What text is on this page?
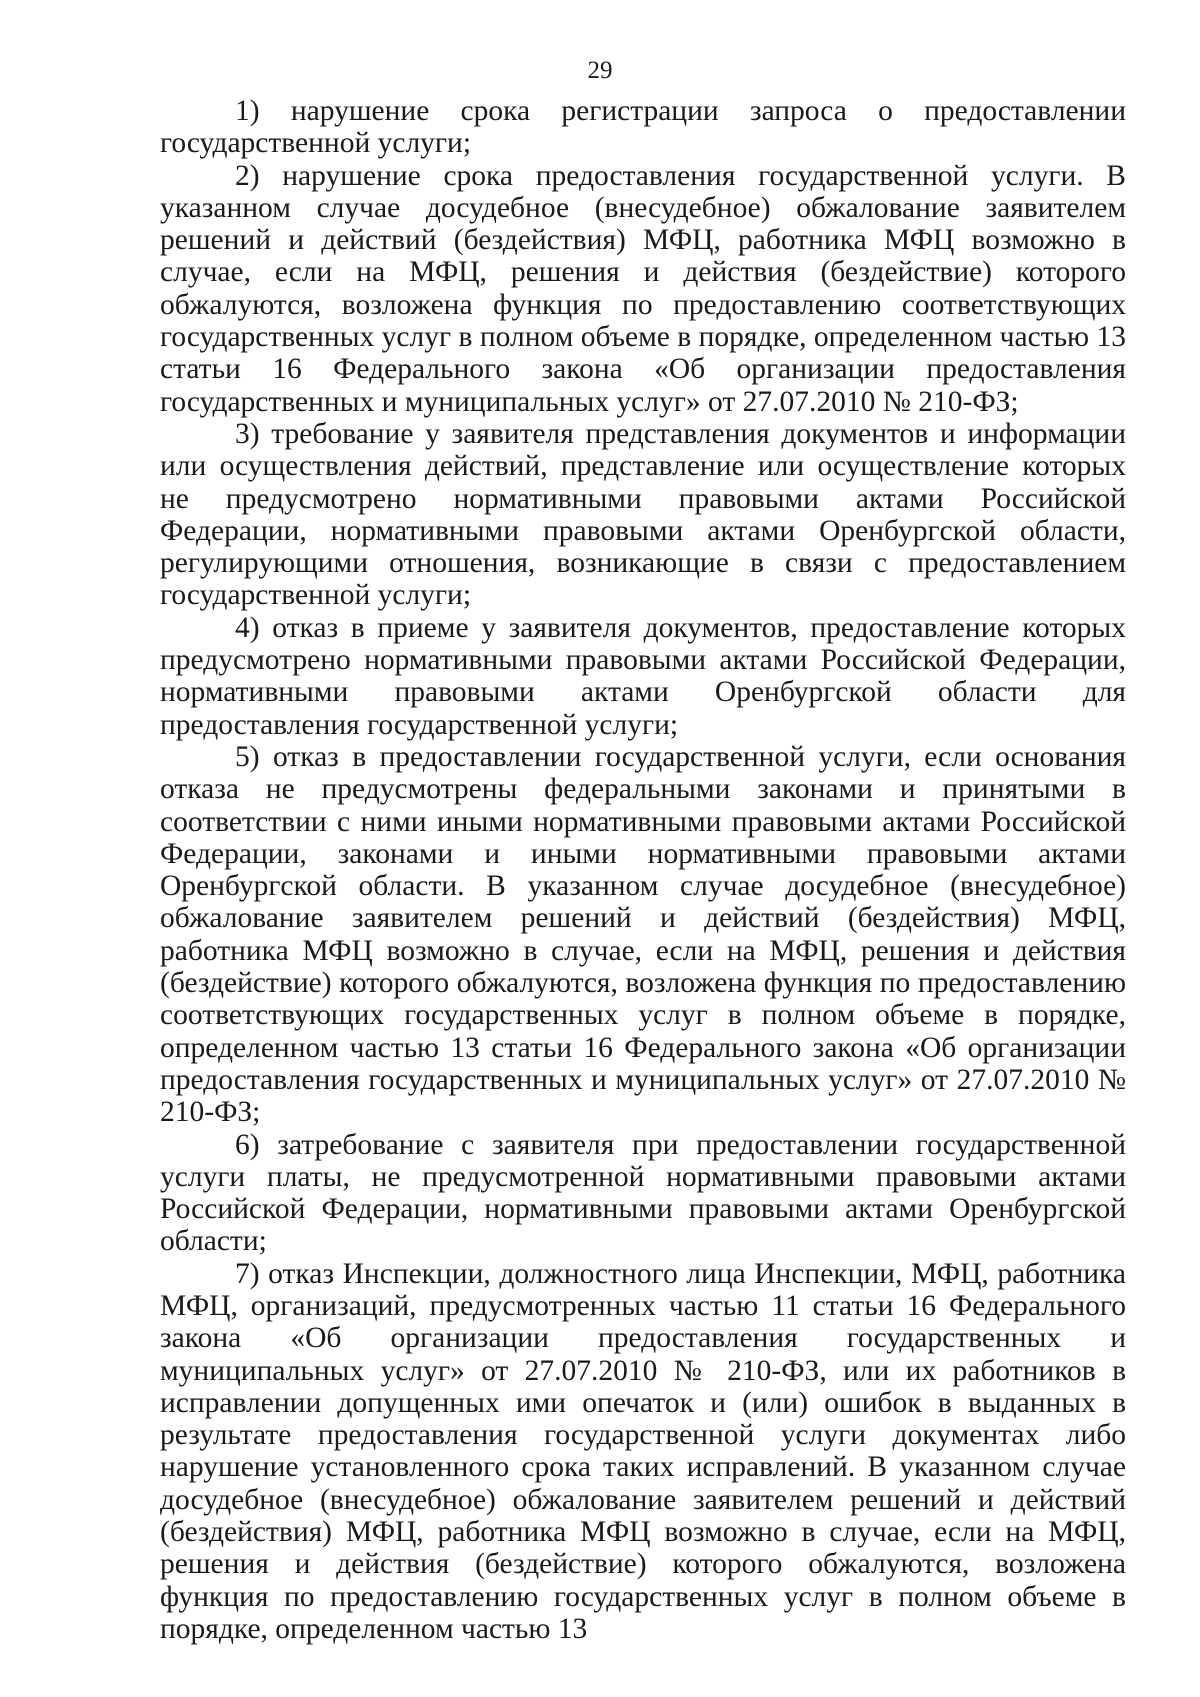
29

1) нарушение срока регистрации запроса о предоставлении государственной услуги;

2) нарушение срока предоставления государственной услуги. В указанном случае досудебное (внесудебное) обжалование заявителем решений и действий (бездействия) МФЦ, работника МФЦ возможно в случае, если на МФЦ, решения и действия (бездействие) которого обжалуются, возложена функция по предоставлению соответствующих государственных услуг в полном объеме в порядке, определенном частью 13 статьи 16 Федерального закона «Об организации предоставления государственных и муниципальных услуг» от 27.07.2010 № 210-ФЗ;

3) требование у заявителя представления документов и информации или осуществления действий, представление или осуществление которых не предусмотрено нормативными правовыми актами Российской Федерации, нормативными правовыми актами Оренбургской области, регулирующими отношения, возникающие в связи с предоставлением государственной услуги;

4) отказ в приеме у заявителя документов, предоставление которых предусмотрено нормативными правовыми актами Российской Федерации, нормативными правовыми актами Оренбургской области для предоставления государственной услуги;

5) отказ в предоставлении государственной услуги, если основания отказа не предусмотрены федеральными законами и принятыми в соответствии с ними иными нормативными правовыми актами Российской Федерации, законами и иными нормативными правовыми актами Оренбургской области. В указанном случае досудебное (внесудебное) обжалование заявителем решений и действий (бездействия) МФЦ, работника МФЦ возможно в случае, если на МФЦ, решения и действия (бездействие) которого обжалуются, возложена функция по предоставлению соответствующих государственных услуг в полном объеме в порядке, определенном частью 13 статьи 16 Федерального закона «Об организации предоставления государственных и муниципальных услуг» от 27.07.2010 № 210-ФЗ;

6) затребование с заявителя при предоставлении государственной услуги платы, не предусмотренной нормативными правовыми актами Российской Федерации, нормативными правовыми актами Оренбургской области;

7) отказ Инспекции, должностного лица Инспекции, МФЦ, работника МФЦ, организаций, предусмотренных частью 11 статьи 16 Федерального закона «Об организации предоставления государственных и муниципальных услуг» от 27.07.2010 № 210-ФЗ, или их работников в исправлении допущенных ими опечаток и (или) ошибок в выданных в результате предоставления государственной услуги документах либо нарушение установленного срока таких исправлений. В указанном случае досудебное (внесудебное) обжалование заявителем решений и действий (бездействия) МФЦ, работника МФЦ возможно в случае, если на МФЦ, решения и действия (бездействие) которого обжалуются, возложена функция по предоставлению государственных услуг в полном объеме в порядке, определенном частью 13
